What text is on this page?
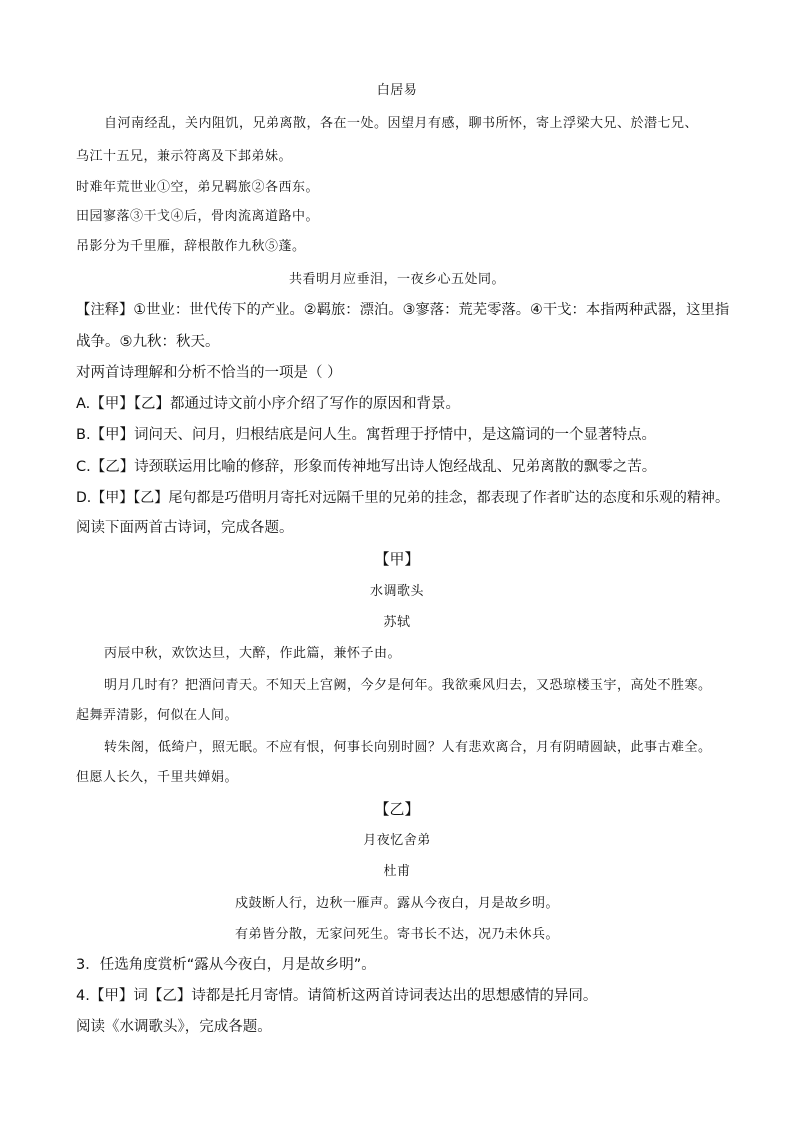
白居易
自河南经乱，关内阻饥，兄弟离散，各在一处。因望月有感，聊书所怀，寄上浮梁大兄、於潜七兄、
乌江十五兄，兼示符离及下邽弟妹。
时难年荒世业①空，弟兄羁旅②各西东。
田园寥落③干戈④后，骨肉流离道路中。
吊影分为千里雁，辞根散作九秋⑤蓬。
共看明月应垂泪，一夜乡心五处同。
【注释】①世业：世代传下的产业。②羁旅：漂泊。③寥落：荒芜零落。④干戈：本指两种武器，这里指
战争。⑤九秋：秋天。
对两首诗理解和分析不恰当的一项是（ ）
A.【甲】【乙】都通过诗文前小序介绍了写作的原因和背景。
B.【甲】词问天、问月，归根结底是问人生。寓哲理于抒情中，是这篇词的一个显著特点。
C.【乙】诗颈联运用比喻的修辞，形象而传神地写出诗人饱经战乱、兄弟离散的飘零之苦。
D.【甲】【乙】尾句都是巧借明月寄托对远隔千里的兄弟的挂念，都表现了作者旷达的态度和乐观的精神。
阅读下面两首古诗词，完成各题。
【甲】
水调歌头
苏轼
丙辰中秋，欢饮达旦，大醉，作此篇，兼怀子由。
明月几时有？把酒问青天。不知天上宫阙，今夕是何年。我欲乘风归去，又恐琼楼玉宇，高处不胜寒。
起舞弄清影，何似在人间。
转朱阁，低绮户，照无眠。不应有恨，何事长向别时圆？人有悲欢离合，月有阴晴圆缺，此事古难全。
但愿人长久，千里共婵娟。
【乙】
月夜忆舍弟
杜甫
戍鼓断人行，边秋一雁声。露从今夜白，月是故乡明。
有弟皆分散，无家问死生。寄书长不达，况乃未休兵。
3．任选角度赏析“露从今夜白，月是故乡明”。
4.【甲】词【乙】诗都是托月寄情。请简析这两首诗词表达出的思想感情的异同。
阅读《水调歌头》，完成各题。
